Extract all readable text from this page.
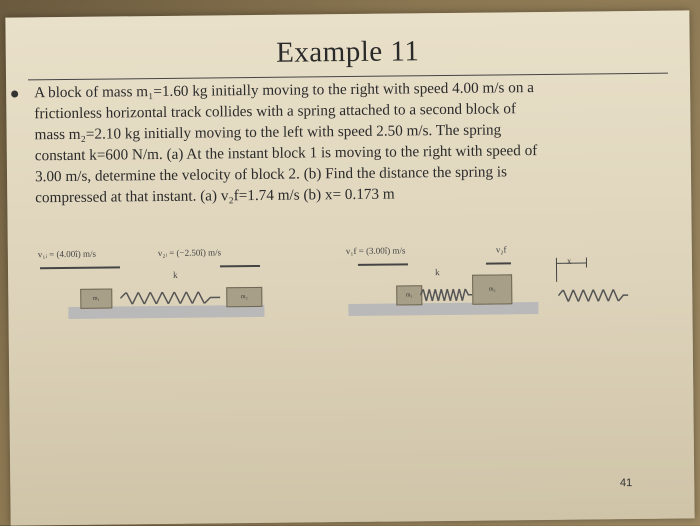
Example 11
A block of mass m₁=1.60 kg initially moving to the right with speed 4.00 m/s on a
frictionless horizontal track collides with a spring attached to a second block of
mass m₂=2.10 kg initially moving to the left with speed 2.50 m/s. The spring
constant k=600 N/m. (a) At the instant block 1 is moving to the right with speed of
3.00 m/s, determine the velocity of block 2. (b) Find the distance the spring is
compressed at that instant. (a) v₂f=1.74 m/s (b) x= 0.173 m
v₁ᵢ = (4.00î) m/s	v₂ᵢ = (−2.50î) m/s
k
m₁	m₂
v₁f = (3.00î) m/s	v₂f
k
m₁
m₂
x
41
